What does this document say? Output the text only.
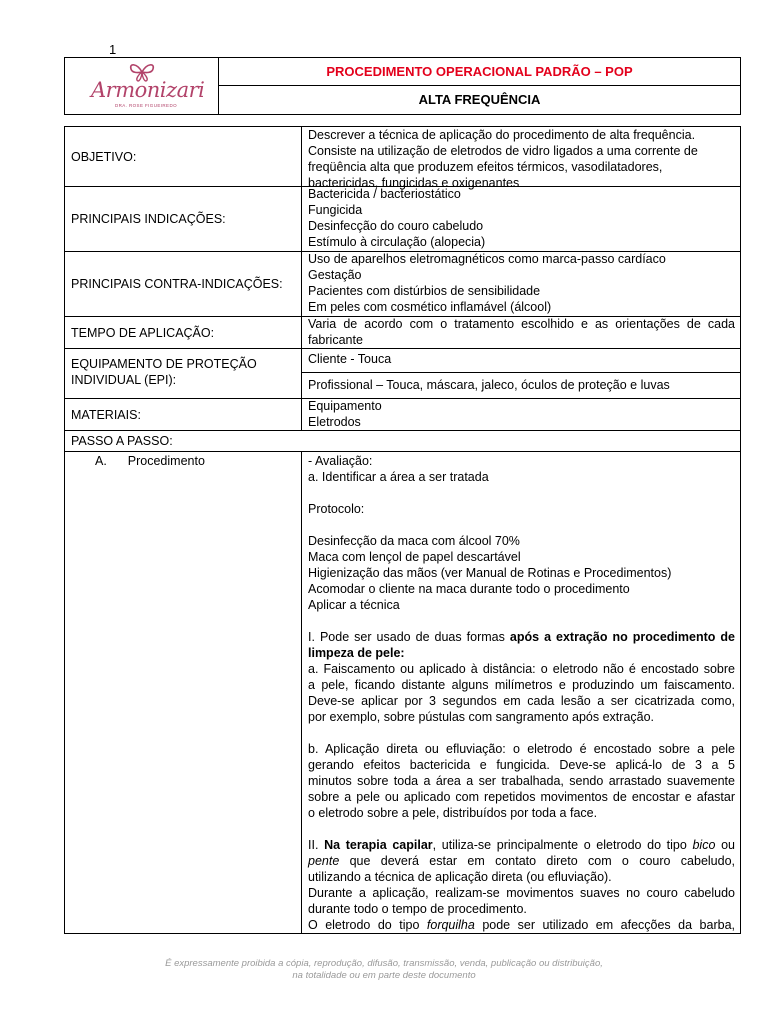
1
Armonizari
DRA. ROSE FIGUEIREDO
PROCEDIMENTO OPERACIONAL PADRÃO – POP
ALTA FREQUÊNCIA
OBJETIVO:
Descrever a técnica de aplicação do procedimento de alta frequência.
Consiste na utilização de eletrodos de vidro ligados a uma corrente de
freqüência alta que produzem efeitos térmicos, vasodilatadores,
bactericidas, fungicidas e oxigenantes
PRINCIPAIS INDICAÇÕES:
Bactericida / bacteriostático
Fungicida
Desinfecção do couro cabeludo
Estímulo à circulação (alopecia)
PRINCIPAIS CONTRA-INDICAÇÕES:
Uso de aparelhos eletromagnéticos como marca-passo cardíaco
Gestação
Pacientes com distúrbios de sensibilidade
Em peles com cosmético inflamável (álcool)
TEMPO DE APLICAÇÃO:
Varia de acordo com o tratamento escolhido e as orientações de cada
fabricante
EQUIPAMENTO DE PROTEÇÃO
INDIVIDUAL (EPI):
Cliente - Touca
Profissional – Touca, máscara, jaleco, óculos de proteção e luvas
MATERIAIS:
Equipamento
Eletrodos
PASSO A PASSO:
A. Procedimento	- Avaliação:
a. Identificar a área a ser tratada
Protocolo:
Desinfecção da maca com álcool 70%
Maca com lençol de papel descartável
Higienização das mãos (ver Manual de Rotinas e Procedimentos)
Acomodar o cliente na maca durante todo o procedimento
Aplicar a técnica
I. Pode ser usado de duas formas após a extração no procedimento de
limpeza de pele:
a. Faiscamento ou aplicado à distância: o eletrodo não é encostado sobre
a pele, ficando distante alguns milímetros e produzindo um faiscamento.
Deve-se aplicar por 3 segundos em cada lesão a ser cicatrizada como,
por exemplo, sobre pústulas com sangramento após extração.
b. Aplicação direta ou efluviação: o eletrodo é encostado sobre a pele
gerando efeitos bactericida e fungicida. Deve-se aplicá-lo de 3 a 5
minutos sobre toda a área a ser trabalhada, sendo arrastado suavemente
sobre a pele ou aplicado com repetidos movimentos de encostar e afastar
o eletrodo sobre a pele, distribuídos por toda a face.
II. Na terapia capilar, utiliza-se principalmente o eletrodo do tipo bico ou
pente que deverá estar em contato direto com o couro cabeludo,
utilizando a técnica de aplicação direta (ou efluviação).
Durante a aplicação, realizam-se movimentos suaves no couro cabeludo
durante todo o tempo de procedimento.
O eletrodo do tipo forquilha pode ser utilizado em afecções da barba,
É expressamente proibida a cópia, reprodução, difusão, transmissão, venda, publicação ou distribuição,
na totalidade ou em parte deste documento
